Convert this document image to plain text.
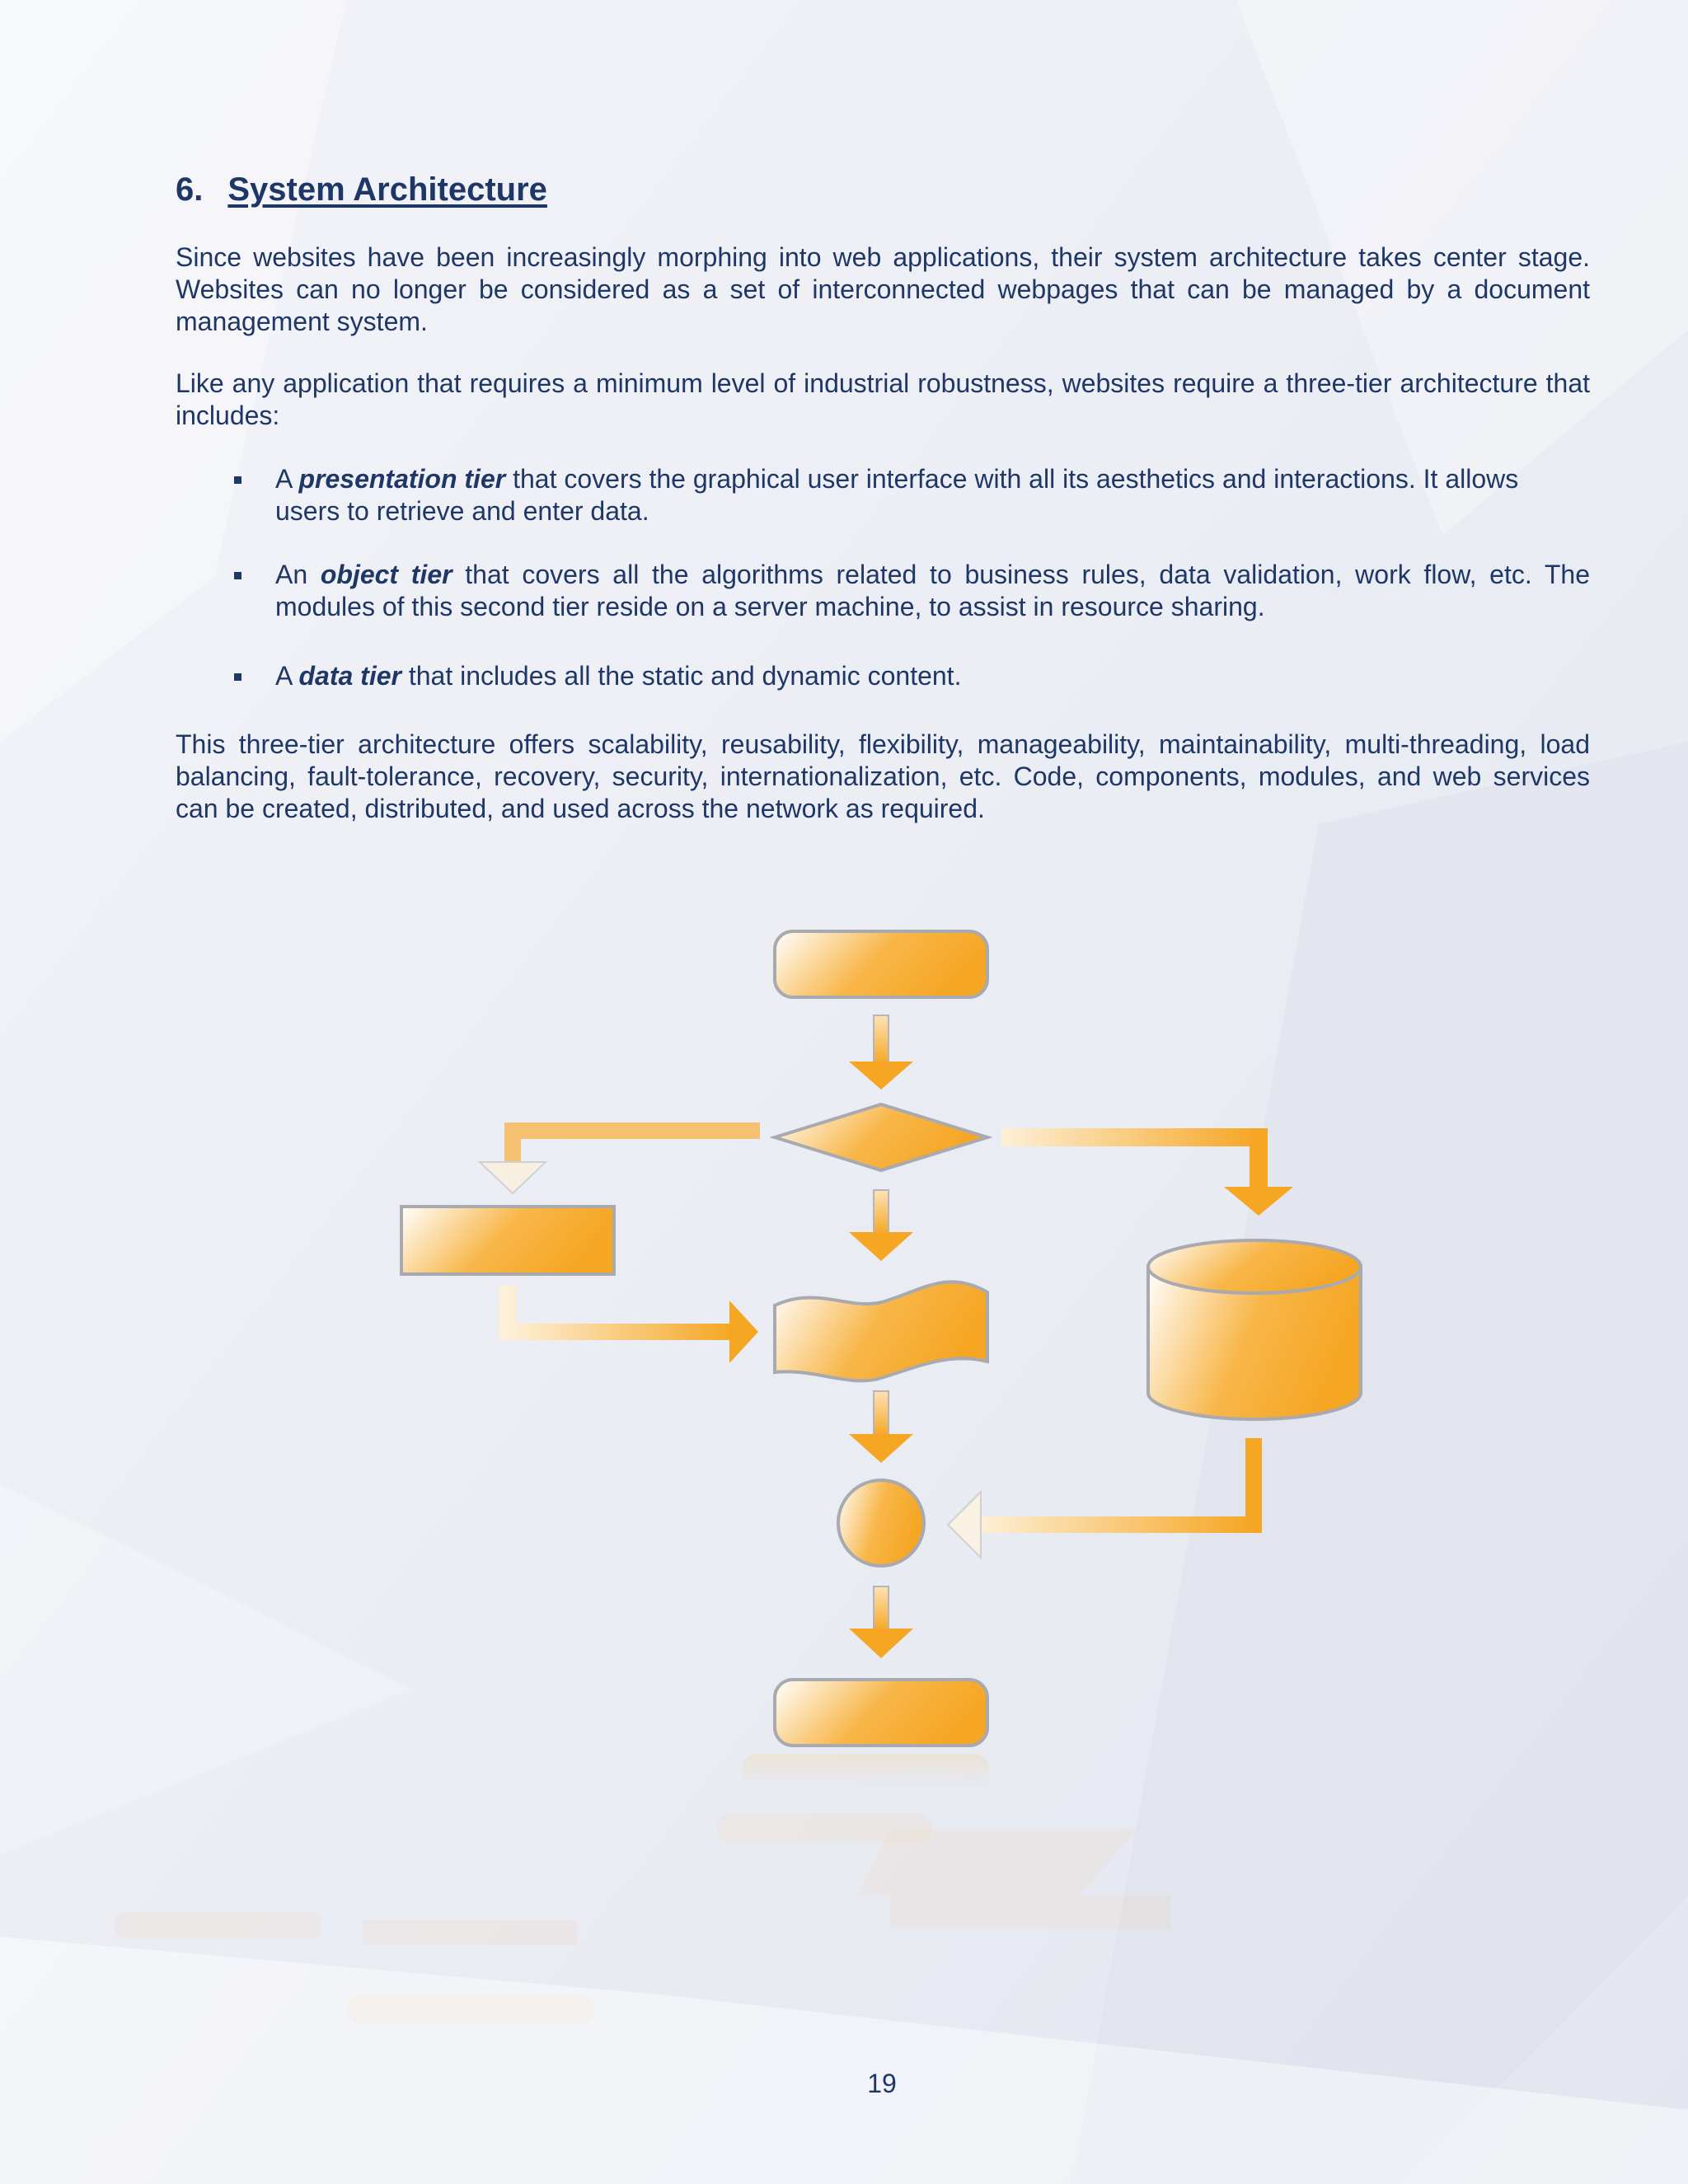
6. System Architecture

Since websites have been increasingly morphing into web applications, their system architecture takes center stage. Websites can no longer be considered as a set of interconnected webpages that can be managed by a document management system.

Like any application that requires a minimum level of industrial robustness, websites require a three-tier architecture that includes:

A presentation tier that covers the graphical user interface with all its aesthetics and interactions. It allows
users to retrieve and enter data.
An object tier that covers all the algorithms related to business rules, data validation, work flow, etc. The modules of this second tier reside on a server machine, to assist in resource sharing.
A data tier that includes all the static and dynamic content.

This three-tier architecture offers scalability, reusability, flexibility, manageability, maintainability, multi-threading, load balancing, fault-tolerance, recovery, security, internationalization, etc. Code, components, modules, and web services can be created, distributed, and used across the network as required.

19
